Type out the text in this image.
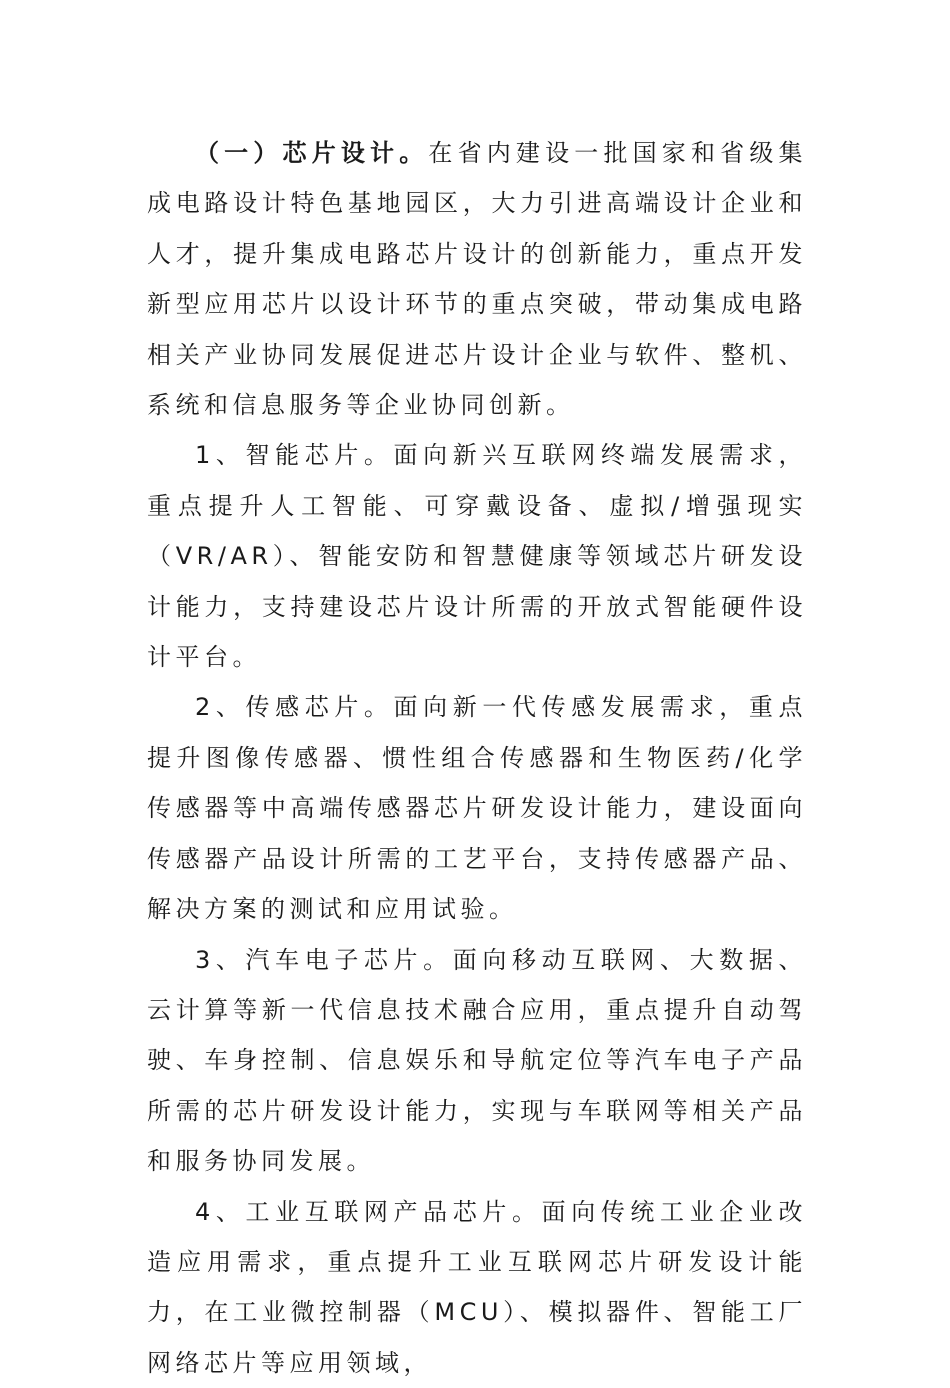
（一）芯片设计。在省内建设一批国家和省级集成电路设计特色基地园区，大力引进高端设计企业和人才，提升集成电路芯片设计的创新能力，重点开发新型应用芯片以设计环节的重点突破，带动集成电路相关产业协同发展促进芯片设计企业与软件、整机、系统和信息服务等企业协同创新。

1、智能芯片。面向新兴互联网终端发展需求，重点提升人工智能、可穿戴设备、虚拟/增强现实（VR/AR）、智能安防和智慧健康等领域芯片研发设计能力，支持建设芯片设计所需的开放式智能硬件设计平台。

2、传感芯片。面向新一代传感发展需求，重点提升图像传感器、惯性组合传感器和生物医药/化学传感器等中高端传感器芯片研发设计能力，建设面向传感器产品设计所需的工艺平台，支持传感器产品、解决方案的测试和应用试验。

3、汽车电子芯片。面向移动互联网、大数据、云计算等新一代信息技术融合应用，重点提升自动驾驶、车身控制、信息娱乐和导航定位等汽车电子产品所需的芯片研发设计能力，实现与车联网等相关产品和服务协同发展。

4、工业互联网产品芯片。面向传统工业企业改造应用需求，重点提升工业互联网芯片研发设计能力，在工业微控制器（MCU）、模拟器件、智能工厂网络芯片等应用领域，
